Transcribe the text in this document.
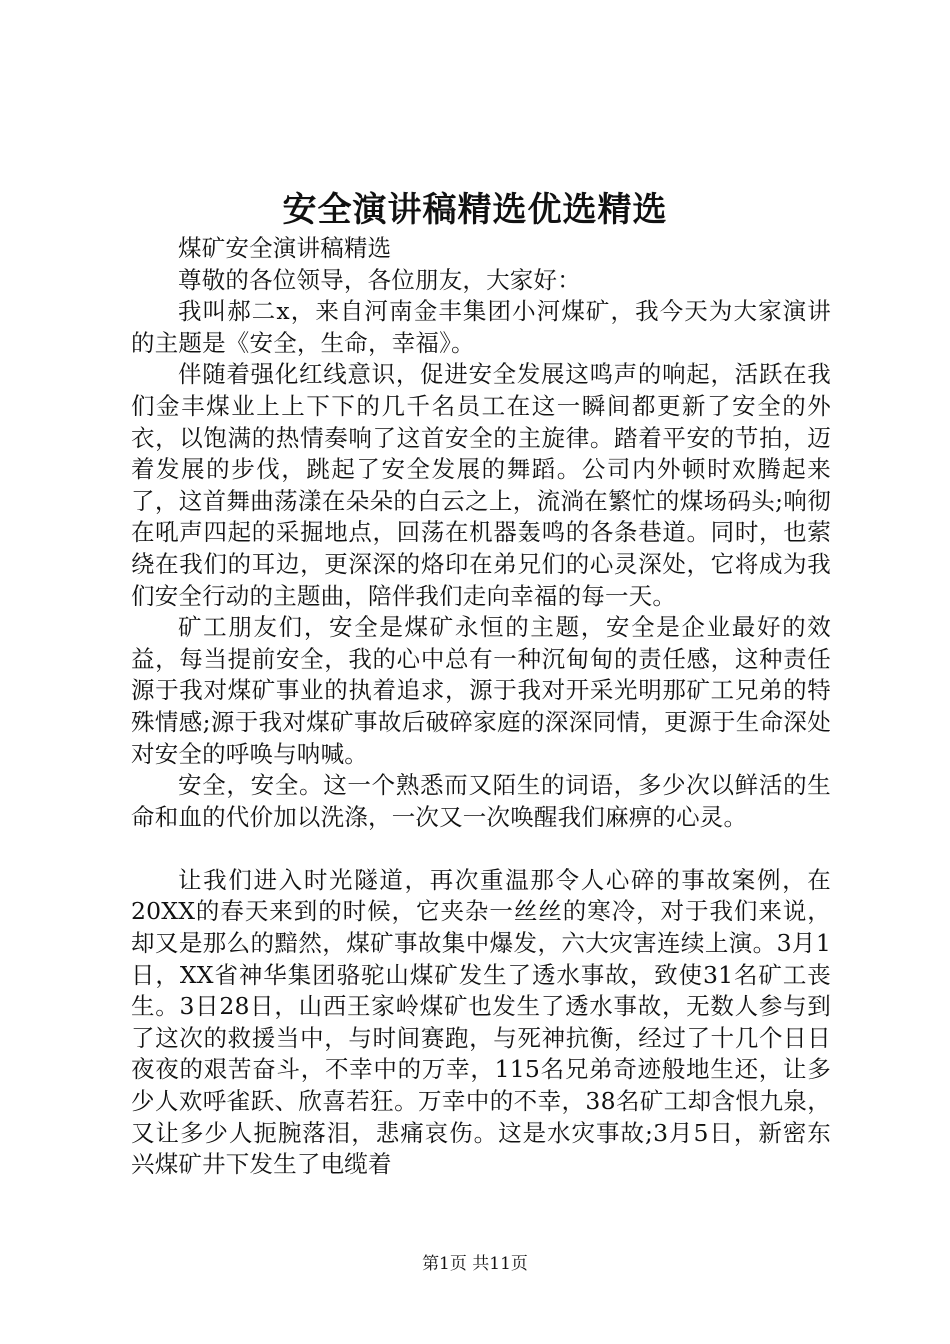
安全演讲稿精选优选精选

煤矿安全演讲稿精选

尊敬的各位领导，各位朋友，大家好：

我叫郝二x，来自河南金丰集团小河煤矿，我今天为大家演讲的主题是《安全，生命，幸福》。

伴随着强化红线意识，促进安全发展这鸣声的响起，活跃在我们金丰煤业上上下下的几千名员工在这一瞬间都更新了安全的外衣，以饱满的热情奏响了这首安全的主旋律。踏着平安的节拍，迈着发展的步伐，跳起了安全发展的舞蹈。公司内外顿时欢腾起来了，这首舞曲荡漾在朵朵的白云之上，流淌在繁忙的煤场码头;响彻在吼声四起的采掘地点，回荡在机器轰鸣的各条巷道。同时，也萦绕在我们的耳边，更深深的烙印在弟兄们的心灵深处，它将成为我们安全行动的主题曲，陪伴我们走向幸福的每一天。

矿工朋友们，安全是煤矿永恒的主题，安全是企业最好的效益，每当提前安全，我的心中总有一种沉甸甸的责任感，这种责任源于我对煤矿事业的执着追求，源于我对开采光明那矿工兄弟的特殊情感;源于我对煤矿事故后破碎家庭的深深同情，更源于生命深处对安全的呼唤与呐喊。

安全，安全。这一个熟悉而又陌生的词语，多少次以鲜活的生命和血的代价加以洗涤，一次又一次唤醒我们麻痹的心灵。

让我们进入时光隧道，再次重温那令人心碎的事故案例，在20XX的春天来到的时候，它夹杂一丝丝的寒冷，对于我们来说，却又是那么的黯然，煤矿事故集中爆发，六大灾害连续上演。3月1日，XX省神华集团骆驼山煤矿发生了透水事故，致使31名矿工丧生。3日28日，山西王家岭煤矿也发生了透水事故，无数人参与到了这次的救援当中，与时间赛跑，与死神抗衡，经过了十几个日日夜夜的艰苦奋斗，不幸中的万幸，115名兄弟奇迹般地生还，让多少人欢呼雀跃、欣喜若狂。万幸中的不幸，38名矿工却含恨九泉，又让多少人扼腕落泪，悲痛哀伤。这是水灾事故;3月5日，新密东兴煤矿井下发生了电缆着

第1页 共11页
